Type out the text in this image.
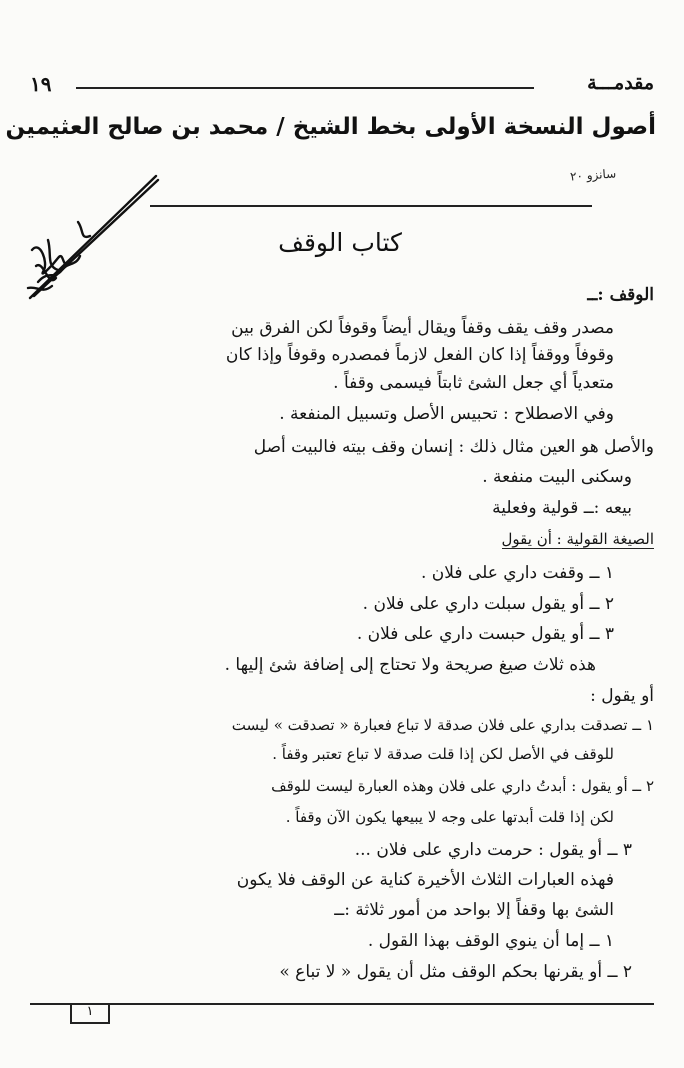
١٩	مقدمـــة
أصول النسخة الأولى بخط الشيخ / محمد بن صالح العثيمين
سانزو ٢٠
كتاب الوقف
الوقف :ــ
مصدر وقف يقف وقفاً ويقال أيضاً وقوفاً لكن الفرق بين
وقوفاً ووقفاً إذا كان الفعل لازماً فمصدره وقوفاً وإذا كان
متعدياً أي جعل الشئ ثابتاً فيسمى وقفاً .
وفي الاصطلاح : تحبيس الأصل وتسبيل المنفعة .
والأصل هو العين مثال ذلك : إنسان وقف بيته فالبيت أصل
وسكنى البيت منفعة .
بيعه :ــ قولية وفعلية
الصيغة القولية : أن يقول
١ ــ وقفت داري على فلان .
٢ ــ أو يقول سبلت داري على فلان .
٣ ــ أو يقول حبست داري على فلان .
هذه ثلاث صيغ صريحة ولا تحتاج إلى إضافة شئ إليها .
أو يقول :
١ ــ تصدقت بداري على فلان صدقة لا تباع فعبارة « تصدقت » ليست
للوقف في الأصل لكن إذا قلت صدقة لا تباع تعتبر وقفاً .
٢ ــ أو يقول : أبدتُ داري على فلان وهذه العبارة ليست للوقف
لكن إذا قلت أبدتها على وجه لا يبيعها يكون الآن وقفاً .
٣ ــ أو يقول : حرمت داري على فلان ...
فهذه العبارات الثلاث الأخيرة كناية عن الوقف فلا يكون
الشئ بها وقفاً إلا بواحد من أمور ثلاثة :ــ
١ ــ إما أن ينوي الوقف بهذا القول .
٢ ــ أو يقرنها بحكم الوقف مثل أن يقول « لا تباع »
١
